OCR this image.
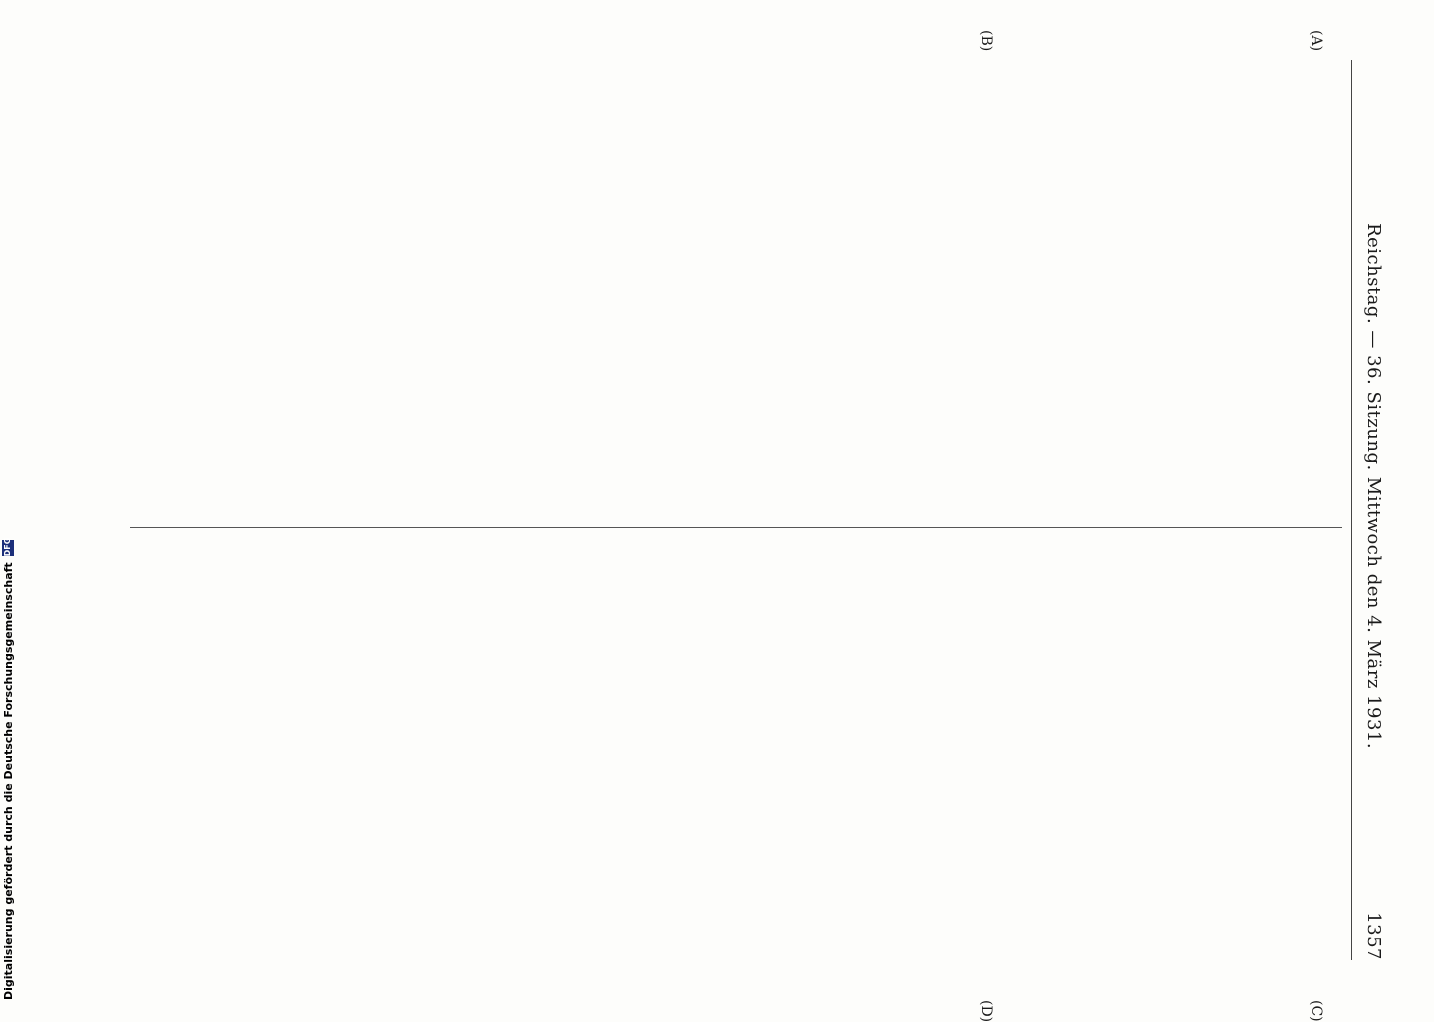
Reichstag. — 36. Sitzung. Mittwoch den 4. März 1931.
1357
(A)
(B)
(C)
(D)

Digitalisierung gefördert durch die Deutsche Forschungsgemeinschaft
DFG
